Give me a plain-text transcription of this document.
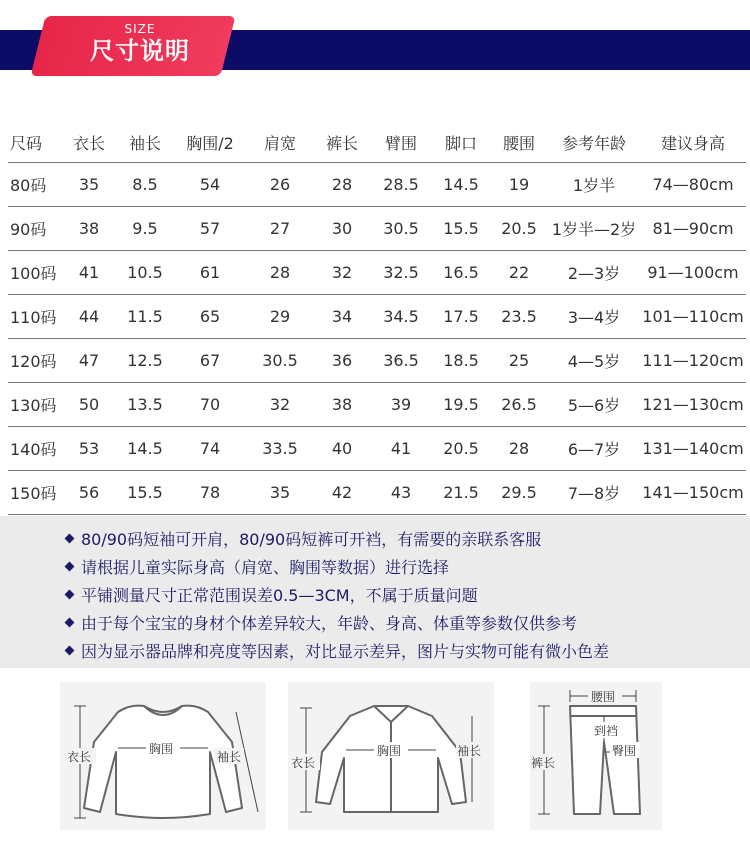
SIZE
尺寸说明
尺码	衣长	袖长	胸围/2	肩宽	裤长	臂围	脚口	腰围	参考年龄	建议身高
80码	35	8.5	54	26	28	28.5	14.5	19	1岁半	74—80cm
90码	38	9.5	57	27	30	30.5	15.5	20.5	1岁半—2岁	81—90cm
100码	41	10.5	61	28	32	32.5	16.5	22	2—3岁	91—100cm
110码	44	11.5	65	29	34	34.5	17.5	23.5	3—4岁	101—110cm
120码	47	12.5	67	30.5	36	36.5	18.5	25	4—5岁	111—120cm
130码	50	13.5	70	32	38	39	19.5	26.5	5—6岁	121—130cm
140码	53	14.5	74	33.5	40	41	20.5	28	6—7岁	131—140cm
150码	56	15.5	78	35	42	43	21.5	29.5	7—8岁	141—150cm
80/90码短袖可开肩，80/90码短裤可开裆，有需要的亲联系客服
请根据儿童实际身高（肩宽、胸围等数据）进行选择
平铺测量尺寸正常范围误差0.5—3CM，不属于质量问题
由于每个宝宝的身材个体差异较大，年龄、身高、体重等参数仅供参考
因为显示器品牌和亮度等因素，对比显示差异，图片与实物可能有微小色差
衣长
胸围
袖长	衣长
胸围	袖长
腰围
到裆
臀围
裤长
